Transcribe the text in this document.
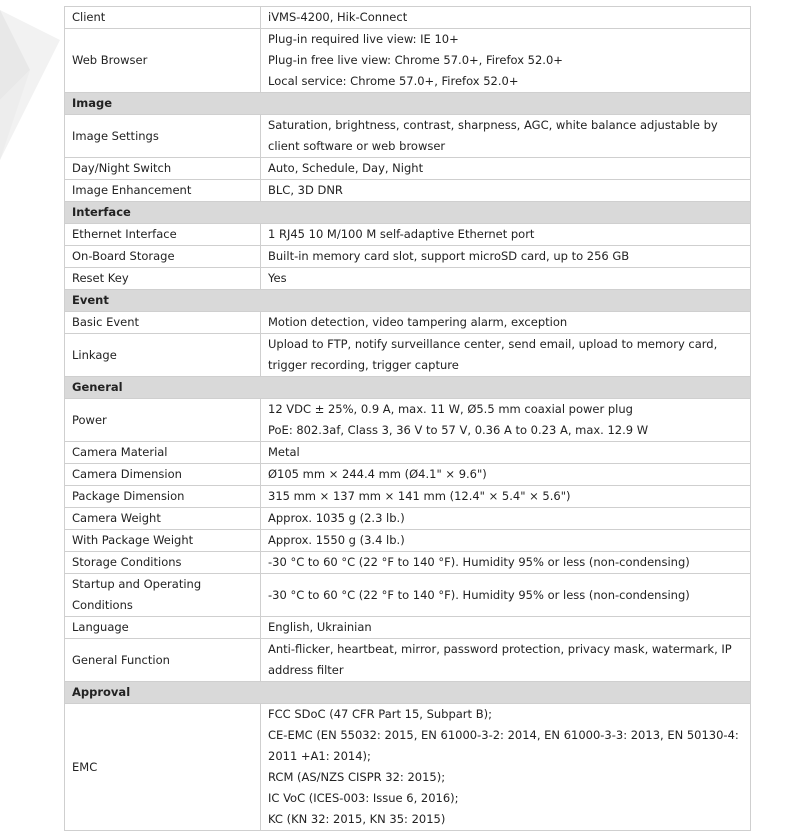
Client	iVMS-4200, Hik-Connect

Web Browser	Plug-in required live view: IE 10+
Plug-in free live view: Chrome 57.0+, Firefox 52.0+
Local service: Chrome 57.0+, Firefox 52.0+

Image	
Image Settings	Saturation, brightness, contrast, sharpness, AGC, white balance adjustable by client software or web browser

Day/Night Switch	Auto, Schedule, Day, Night

Image Enhancement	BLC, 3D DNR

Interface	
Ethernet Interface	1 RJ45 10 M/100 M self-adaptive Ethernet port

On-Board Storage	Built-in memory card slot, support microSD card, up to 256 GB

Reset Key	Yes

Event	
Basic Event	Motion detection, video tampering alarm, exception

Linkage	Upload to FTP, notify surveillance center, send email, upload to memory card, trigger recording, trigger capture

General	
Power	12 VDC ± 25%, 0.9 A, max. 11 W, Ø5.5 mm coaxial power plug
PoE: 802.3af, Class 3, 36 V to 57 V, 0.36 A to 0.23 A, max. 12.9 W

Camera Material	Metal

Camera Dimension	Ø105 mm × 244.4 mm (Ø4.1" × 9.6")

Package Dimension	315 mm × 137 mm × 141 mm (12.4" × 5.4" × 5.6")

Camera Weight	Approx. 1035 g (2.3 lb.)

With Package Weight	Approx. 1550 g (3.4 lb.)

Storage Conditions	-30 °C to 60 °C (22 °F to 140 °F). Humidity 95% or less (non-condensing)

Startup and Operating Conditions	-30 °C to 60 °C (22 °F to 140 °F). Humidity 95% or less (non-condensing)

Language	English, Ukrainian

General Function	Anti-flicker, heartbeat, mirror, password protection, privacy mask, watermark, IP address filter

Approval	
EMC	FCC SDoC (47 CFR Part 15, Subpart B);
CE-EMC (EN 55032: 2015, EN 61000-3-2: 2014, EN 61000-3-3: 2013, EN 50130-4: 2011 +A1: 2014);
RCM (AS/NZS CISPR 32: 2015);
IC VoC (ICES-003: Issue 6, 2016);
KC (KN 32: 2015, KN 35: 2015)
